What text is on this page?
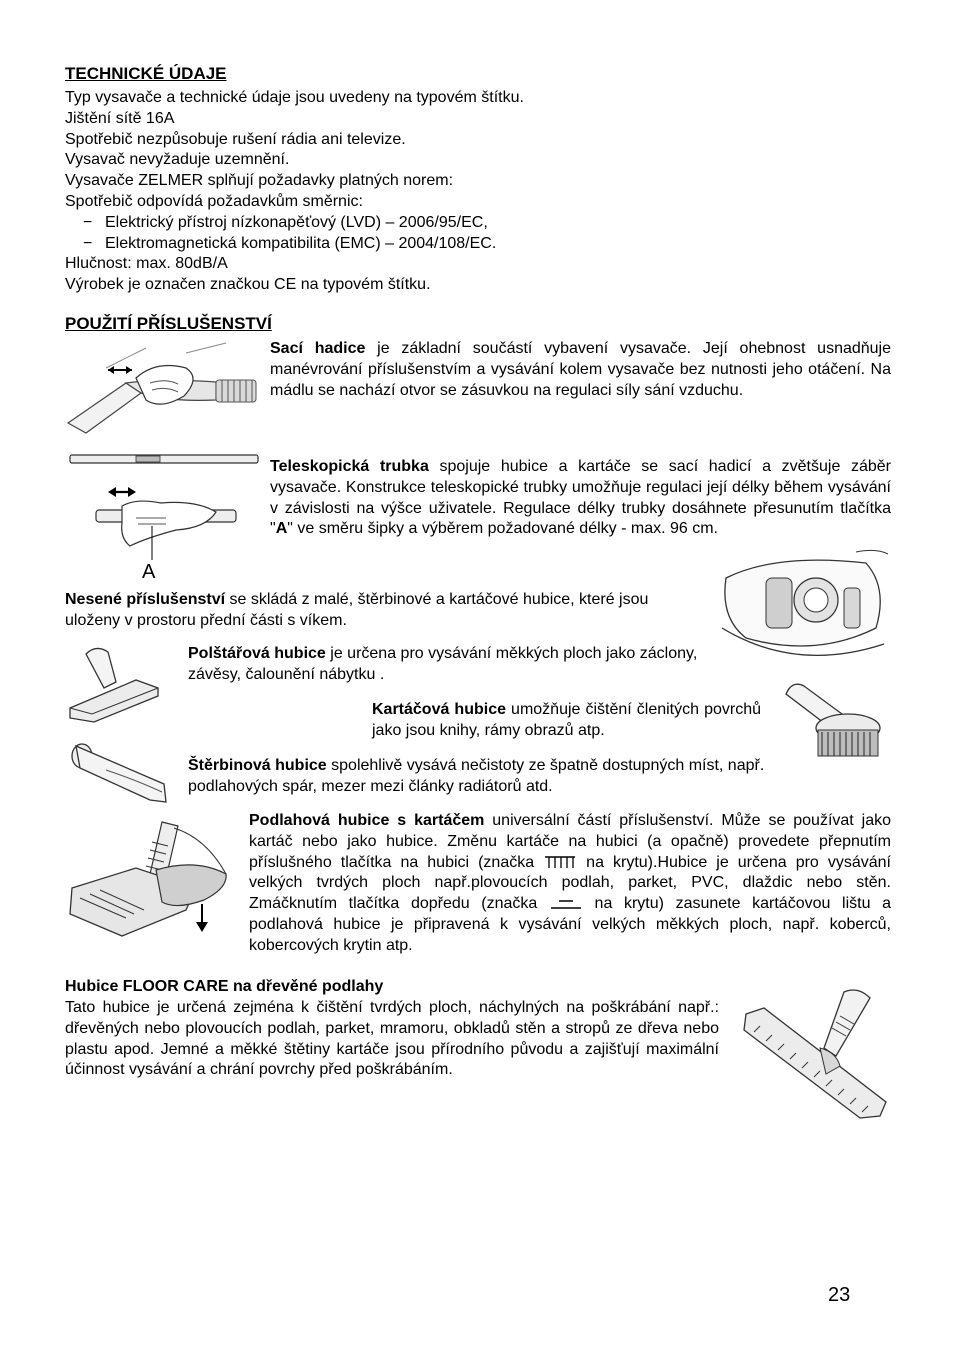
TECHNICKÉ ÚDAJE
Typ vysavače a technické údaje jsou uvedeny na typovém štítku.
Jištění sítě 16A
Spotřebič nezpůsobuje rušení rádia ani televize.
Vysavač nevyžaduje uzemnění.
Vysavače ZELMER splňují požadavky platných norem:
Spotřebič odpovídá požadavkům směrnic:
− Elektrický přístroj nízkonapěťový (LVD) – 2006/95/EC,
− Elektromagnetická kompatibilita (EMC) – 2004/108/EC.
Hlučnost: max. 80dB/A
Výrobek je označen značkou CE na typovém štítku.
POUŽITÍ PŘÍSLUŠENSTVÍ
Sací hadice je základní součástí vybavení vysavače. Její ohebnost usnadňuje manévrování příslušenstvím a vysávání kolem vysavače bez nutnosti jeho otáčení. Na mádlu se nachází otvor se zásuvkou na regulaci síly sání vzduchu.
A
Teleskopická trubka spojuje hubice a kartáče se sací hadicí a zvětšuje záběr vysavače. Konstrukce teleskopické trubky umožňuje regulaci její délky během vysávání v závislosti na výšce uživatele. Regulace délky trubky dosáhnete přesunutím tlačítka "A" ve směru šipky a výběrem požadované délky - max. 96 cm.
Nesené příslušenství se skládá z malé, štěrbinové a kartáčové hubice, které jsou uloženy v prostoru přední části s víkem.
Polštářová hubice je určena pro vysávání měkkých ploch jako záclony, závěsy, čalounění nábytku .
Kartáčová hubice umožňuje čištění členitých povrchů jako jsou knihy, rámy obrazů atp.
Štěrbinová hubice spolehlivě vysává nečistoty ze špatně dostupných míst, např. podlahových spár, mezer mezi články radiátorů atd.
Podlahová hubice s kartáčem universální částí příslušenství. Může se používat jako kartáč nebo jako hubice. Změnu kartáče na hubici (a opačně) provedete přepnutím příslušného tlačítka na hubici (značka  na krytu).Hubice je určena pro vysávání velkých tvrdých ploch např.plovoucích podlah, parket, PVC, dlaždic nebo stěn. Zmáčknutím tlačítka dopředu (značka  na krytu) zasunete kartáčovou lištu a podlahová hubice je připravená k vysávání velkých měkkých ploch, např. koberců, kobercových krytin atp.
Hubice FLOOR CARE na dřevěné podlahy
Tato hubice je určená zejména k čištění tvrdých ploch, náchylných na poškrábání např.: dřevěných nebo plovoucích podlah, parket, mramoru, obkladů stěn a stropů ze dřeva nebo plastu apod. Jemné a měkké štětiny kartáče jsou přírodního původu a zajišťují maximální účinnost vysávání a chrání povrchy před poškrábáním.
23
